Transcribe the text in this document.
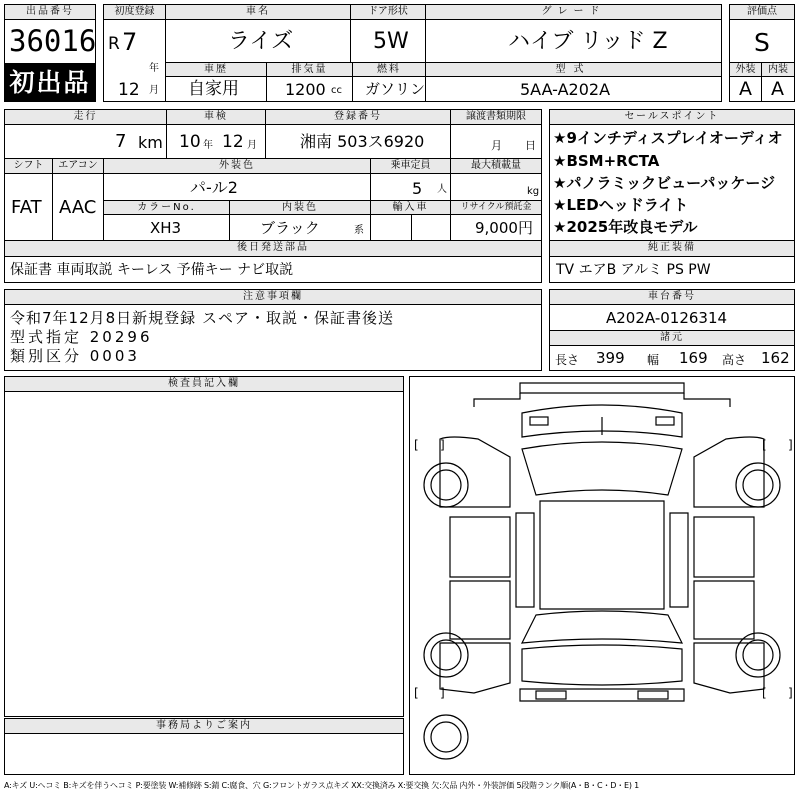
出品番号
36016
初出品
初度登録
R 7
年
12 月
車名
ライズ
ドア形状
5W
グレード
ハイブ リッド Z
車歴
自家用
排気量
1200 cc
燃料
ガソリン
型式
5AA-A202A
評価点
S
外装	内装
A A
走行
7 km
車検
10 年 12 月
登録番号
湘南 503ス6920
譲渡書類期限
月 日
シフト
FAT
エアコン
AAC
外装色
パ-ル2
乗車定員
5 人
最大積載量
kg
カラーNo.
XH3
内装色
ブラック	系
輸入車	リサイクル預託金
9,000円
セールスポイント
★9インチディスプレイオーディオ
★BSM+RCTA
★パノラミックビューパッケージ
★LEDヘッドライト
★2025年改良モデル
後日発送部品
保証書 車両取説 キーレス 予備キー ナビ取説
純正装備
TV エアB アルミ PS PW
注意事項欄
令和7年12月8日新規登録 スペア・取説・保証書後送
型式指定 20296
類別区分 0003
車台番号
A202A-0126314
諸元
長さ 399 幅 169 高さ 162
検査員記入欄
事務局よりご案内
[ ]	[ ]
[ ]	[ ]
A:キズ U:ヘコミ B:キズを伴うヘコミ P:要塗装 W:補修跡 S:錆 C:腐食、穴 G:フロントガラス点キズ XX:交換済み X:要交換 欠:欠品 内外・外装評価 5段階ランク順(A・B・C・D・E) 1
